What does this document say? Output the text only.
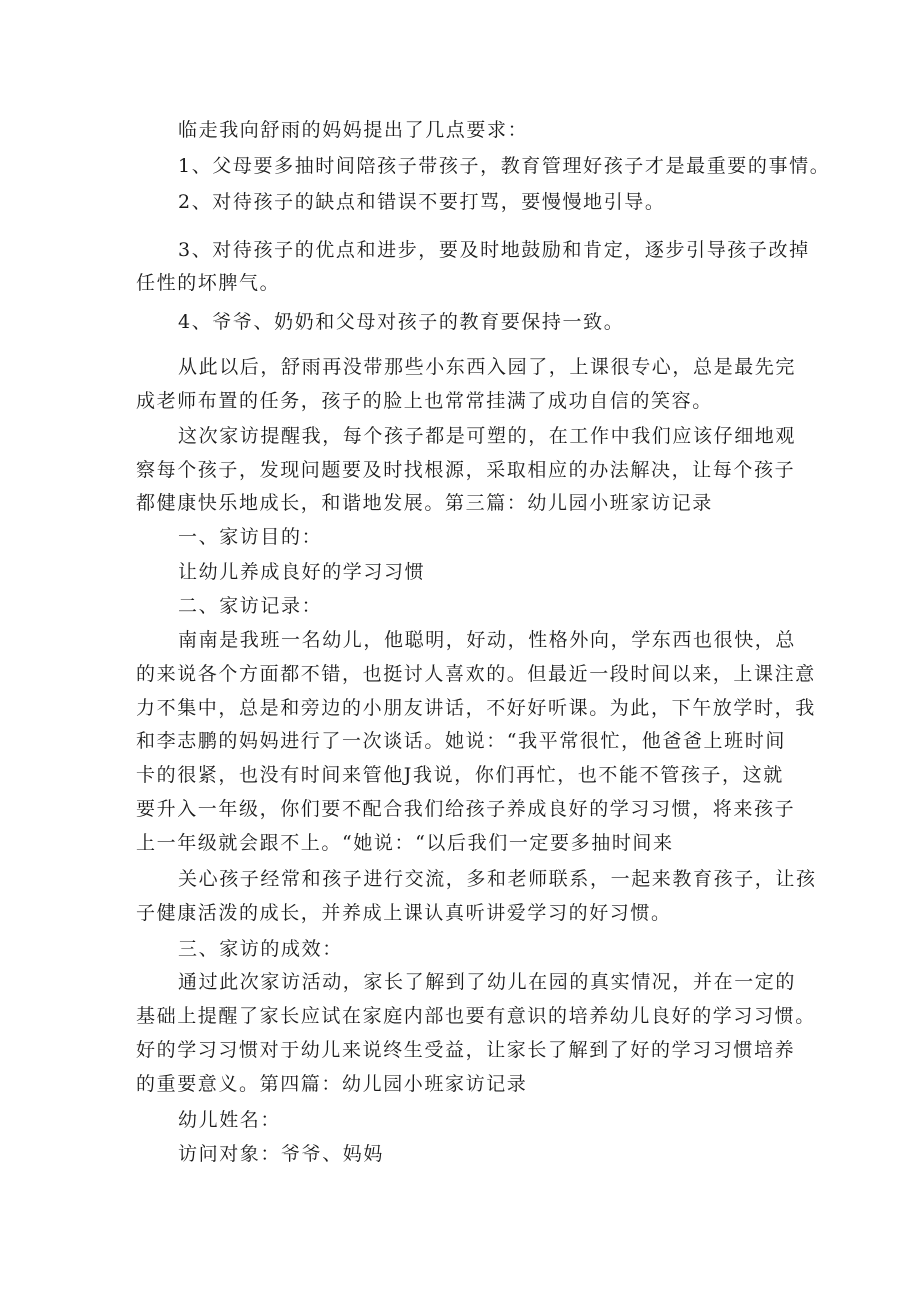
临走我向舒雨的妈妈提出了几点要求：
1、父母要多抽时间陪孩子带孩子，教育管理好孩子才是最重要的事情。
2、对待孩子的缺点和错误不要打骂，要慢慢地引导。
3、对待孩子的优点和进步，要及时地鼓励和肯定，逐步引导孩子改掉
任性的坏脾气。
4、爷爷、奶奶和父母对孩子的教育要保持一致。
从此以后，舒雨再没带那些小东西入园了，上课很专心，总是最先完
成老师布置的任务，孩子的脸上也常常挂满了成功自信的笑容。
这次家访提醒我，每个孩子都是可塑的，在工作中我们应该仔细地观
察每个孩子，发现问题要及时找根源，采取相应的办法解决，让每个孩子
都健康快乐地成长，和谐地发展。第三篇：幼儿园小班家访记录
一、家访目的：
让幼儿养成良好的学习习惯
二、家访记录：
南南是我班一名幼儿，他聪明，好动，性格外向，学东西也很快，总
的来说各个方面都不错，也挺讨人喜欢的。但最近一段时间以来，上课注意
力不集中，总是和旁边的小朋友讲话，不好好听课。为此，下午放学时，我
和李志鹏的妈妈进行了一次谈话。她说：“我平常很忙，他爸爸上班时间
卡的很紧，也没有时间来管他J我说，你们再忙，也不能不管孩子，这就
要升入一年级，你们要不配合我们给孩子养成良好的学习习惯，将来孩子
上一年级就会跟不上。“她说：“以后我们一定要多抽时间来
关心孩子经常和孩子进行交流，多和老师联系，一起来教育孩子，让孩
子健康活泼的成长，并养成上课认真听讲爱学习的好习惯。
三、家访的成效：
通过此次家访活动，家长了解到了幼儿在园的真实情况，并在一定的
基础上提醒了家长应试在家庭内部也要有意识的培养幼儿良好的学习习惯。
好的学习习惯对于幼儿来说终生受益，让家长了解到了好的学习习惯培养
的重要意义。第四篇：幼儿园小班家访记录
幼儿姓名：
访问对象：爷爷、妈妈
